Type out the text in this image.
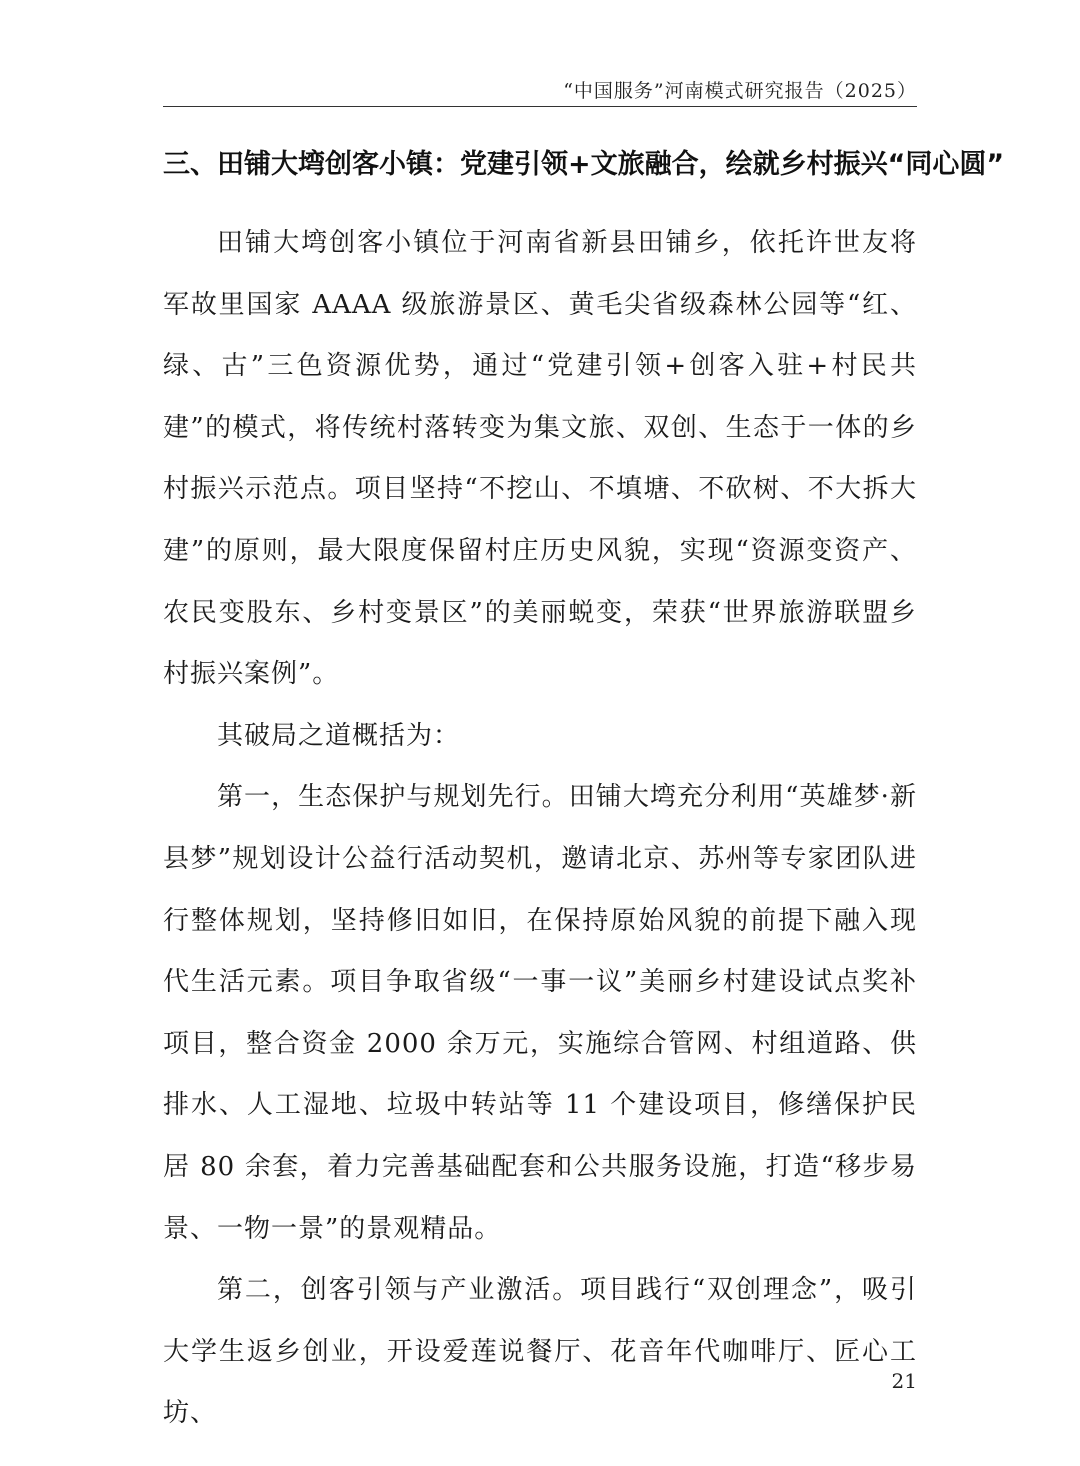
“中国服务”河南模式研究报告（2025）
三、田铺大塆创客小镇：党建引领+文旅融合，绘就乡村振兴“同心圆”

田铺大塆创客小镇位于河南省新县田铺乡，依托许世友将军故里国家 AAAA 级旅游景区、黄毛尖省级森林公园等“红、绿、古”三色资源优势，通过“党建引领+创客入驻+村民共建”的模式，将传统村落转变为集文旅、双创、生态于一体的乡村振兴示范点。项目坚持“不挖山、不填塘、不砍树、不大拆大建”的原则，最大限度保留村庄历史风貌，实现“资源变资产、农民变股东、乡村变景区”的美丽蜕变，荣获“世界旅游联盟乡村振兴案例”。

其破局之道概括为：

第一，生态保护与规划先行。田铺大塆充分利用“英雄梦·新县梦”规划设计公益行活动契机，邀请北京、苏州等专家团队进行整体规划，坚持修旧如旧，在保持原始风貌的前提下融入现代生活元素。项目争取省级“一事一议”美丽乡村建设试点奖补项目，整合资金 2000 余万元，实施综合管网、村组道路、供排水、人工湿地、垃圾中转站等 11 个建设项目，修缮保护民居 80 余套，着力完善基础配套和公共服务设施，打造“移步易景、一物一景”的景观精品。

第二，创客引领与产业激活。项目践行“双创理念”，吸引大学生返乡创业，开设爱莲说餐厅、花音年代咖啡厅、匠心工坊、

21
